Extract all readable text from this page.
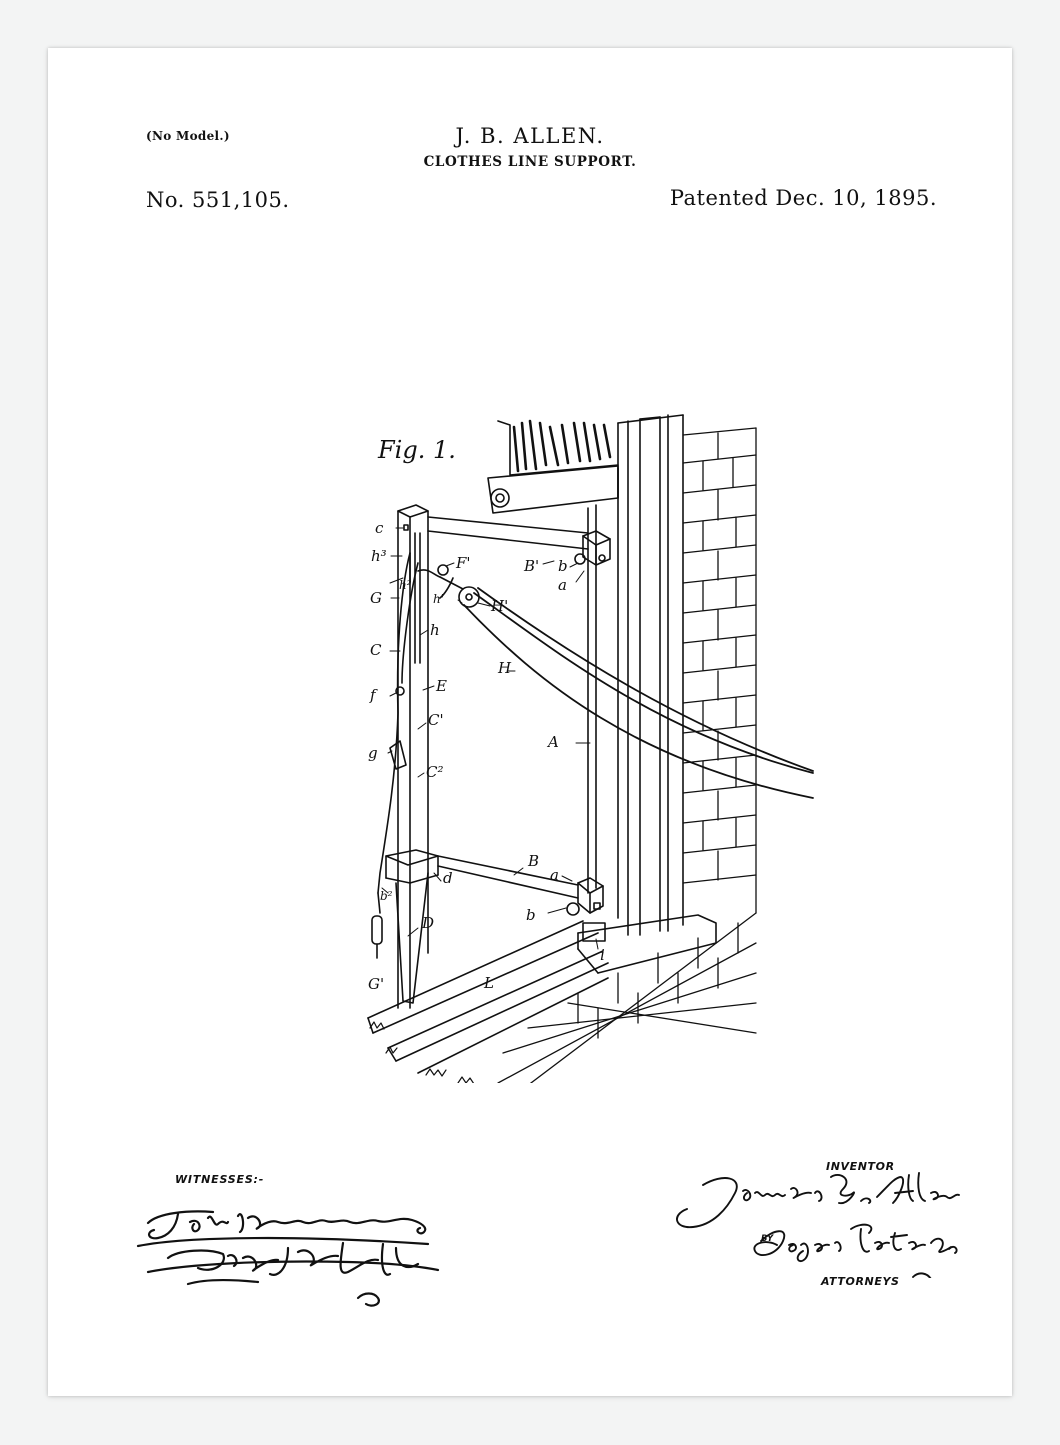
(No Model.)	J. B. ALLEN.
CLOTHES LINE SUPPORT.
No. 551,105.	Patented Dec. 10, 1895.
Fig. 1.
c
h³
h²
G
C
f
g
b²
G'
F'	B' b
a
h'	H'
h
H
E
C'
A
C²
B
a
d
b
D
i
L
WITNESSES:-
INVENTOR
BY
ATTORNEYS
